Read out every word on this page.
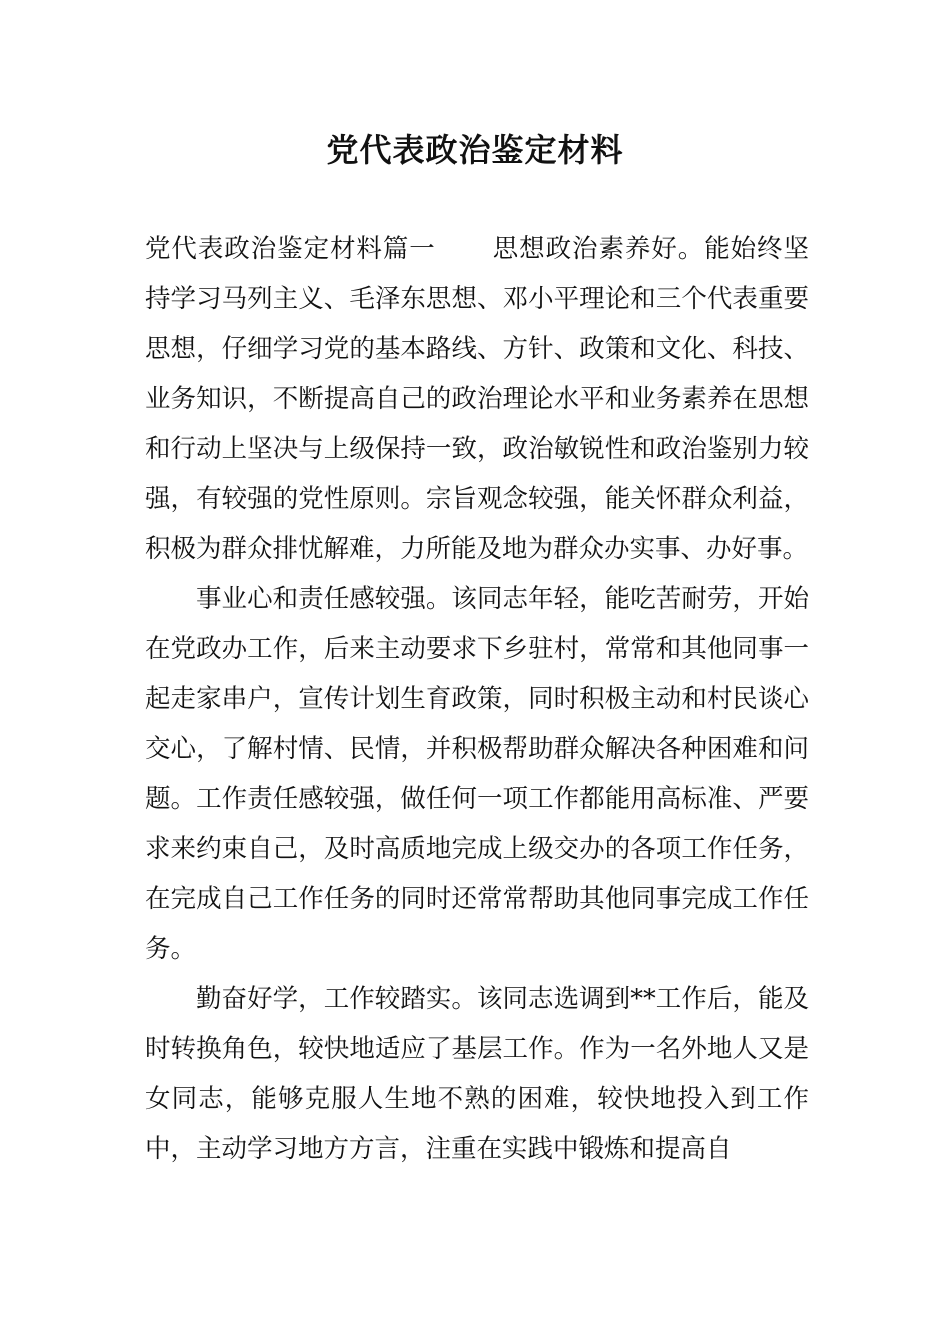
党代表政治鉴定材料

党代表政治鉴定材料篇一 思想政治素养好。能始终坚持学习马列主义、毛泽东思想、邓小平理论和三个代表重要思想，仔细学习党的基本路线、方针、政策和文化、科技、业务知识，不断提高自己的政治理论水平和业务素养在思想和行动上坚决与上级保持一致，政治敏锐性和政治鉴别力较强，有较强的党性原则。宗旨观念较强，能关怀群众利益，积极为群众排忧解难，力所能及地为群众办实事、办好事。

事业心和责任感较强。该同志年轻，能吃苦耐劳，开始在党政办工作，后来主动要求下乡驻村，常常和其他同事一起走家串户，宣传计划生育政策，同时积极主动和村民谈心交心，了解村情、民情，并积极帮助群众解决各种困难和问题。工作责任感较强，做任何一项工作都能用高标准、严要求来约束自己，及时高质地完成上级交办的各项工作任务，在完成自己工作任务的同时还常常帮助其他同事完成工作任务。

勤奋好学，工作较踏实。该同志选调到**工作后，能及时转换角色，较快地适应了基层工作。作为一名外地人又是女同志，能够克服人生地不熟的困难，较快地投入到工作中，主动学习地方方言，注重在实践中锻炼和提高自
